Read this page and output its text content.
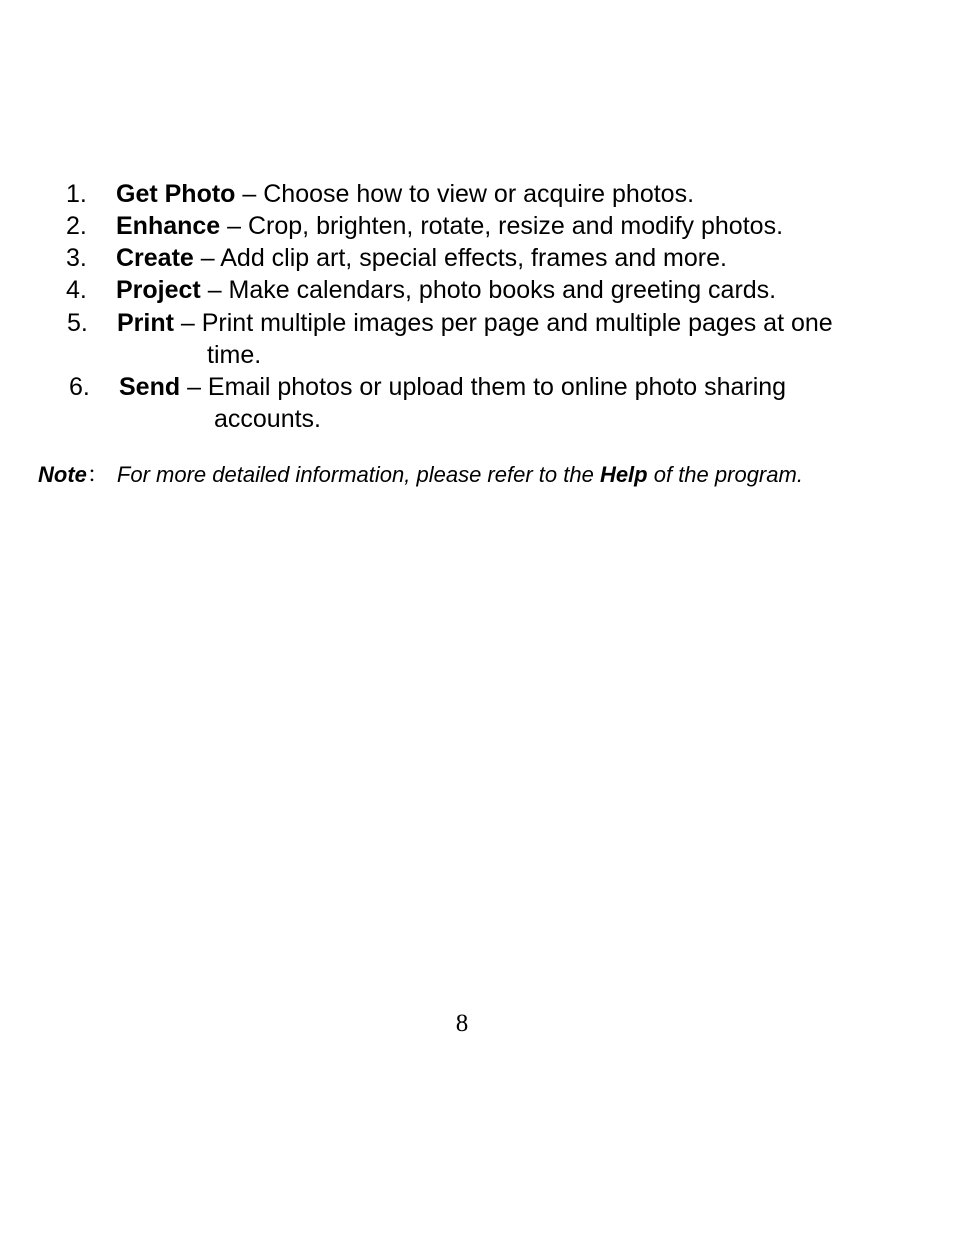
1. Get Photo – Choose how to view or acquire photos.
2. Enhance – Crop, brighten, rotate, resize and modify photos.
3. Create – Add clip art, special effects, frames and more.
4. Project – Make calendars, photo books and greeting cards.
5. Print – Print multiple images per page and multiple pages at one
time.
6. Send – Email photos or upload them to online photo sharing
accounts.
Note： For more detailed information, please refer to the Help of the program.
8
